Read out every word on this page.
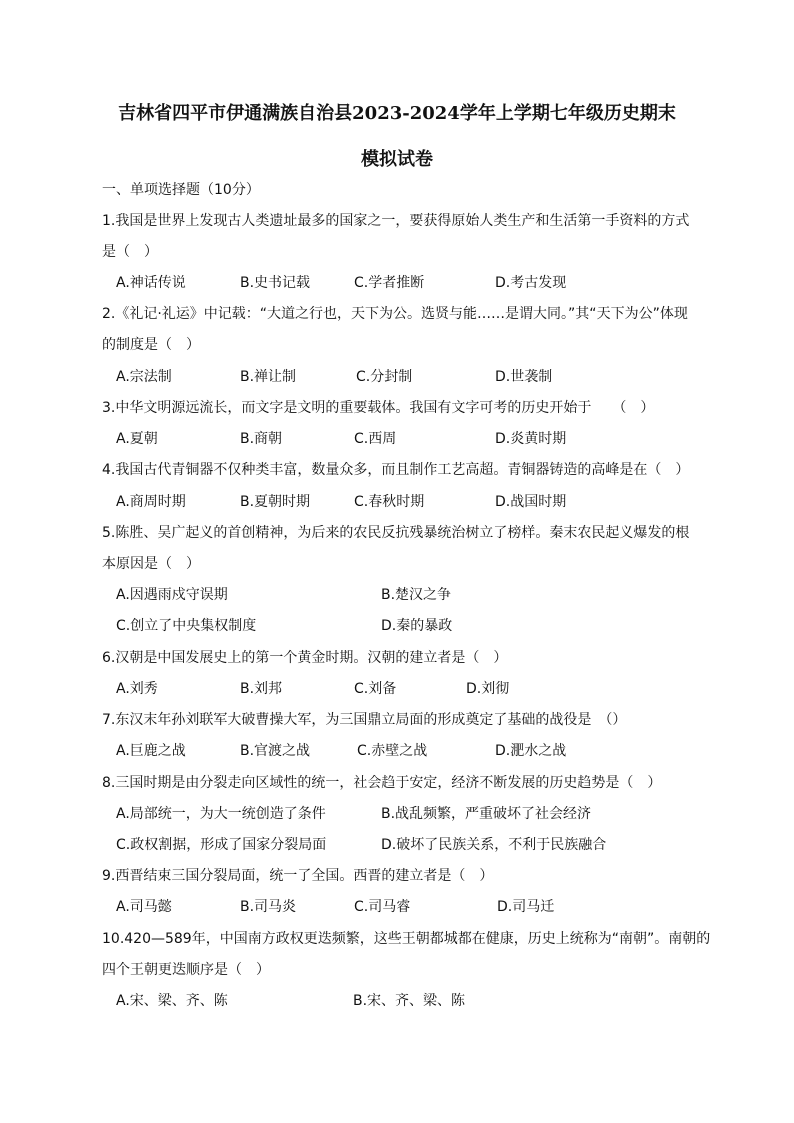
吉林省四平市伊通满族自治县2023-2024学年上学期七年级历史期末
模拟试卷
一、单项选择题（10分）
1.我国是世界上发现古人类遗址最多的国家之一，要获得原始人类生产和生活第一手资料的方式
是（　）
A.神话传说	B.史书记载	C.学者推断	D.考古发现
2.《礼记·礼运》中记载：“大道之行也，天下为公。选贤与能……是谓大同。”其“天下为公”体现
的制度是（　）
A.宗法制	B.禅让制	C.分封制	D.世袭制
3.中华文明源远流长，而文字是文明的重要载体。我国有文字可考的历史开始于　　（　）
A.夏朝	B.商朝	C.西周	D.炎黄时期
4.我国古代青铜器不仅种类丰富，数量众多，而且制作工艺高超。青铜器铸造的高峰是在（　）
A.商周时期	B.夏朝时期	C.春秋时期	D.战国时期
5.陈胜、吴广起义的首创精神，为后来的农民反抗残暴统治树立了榜样。秦末农民起义爆发的根
本原因是（　）
A.因遇雨戍守误期	B.楚汉之争
C.创立了中央集权制度	D.秦的暴政
6.汉朝是中国发展史上的第一个黄金时期。汉朝的建立者是（　）
A.刘秀	B.刘邦	C.刘备	D.刘彻
7.东汉末年孙刘联军大破曹操大军，为三国鼎立局面的形成奠定了基础的战役是　（）
A.巨鹿之战	B.官渡之战	C.赤壁之战	D.淝水之战
8.三国时期是由分裂走向区域性的统一，社会趋于安定，经济不断发展的历史趋势是（　）
A.局部统一，为大一统创造了条件	B.战乱频繁，严重破坏了社会经济
C.政权割据，形成了国家分裂局面	D.破坏了民族关系，不利于民族融合
9.西晋结束三国分裂局面，统一了全国。西晋的建立者是（　）
A.司马懿	B.司马炎	C.司马睿	D.司马迁
10.420—589年，中国南方政权更迭频繁，这些王朝都城都在健康，历史上统称为“南朝”。南朝的
四个王朝更迭顺序是（　）
A.宋、梁、齐、陈	B.宋、齐、梁、陈
